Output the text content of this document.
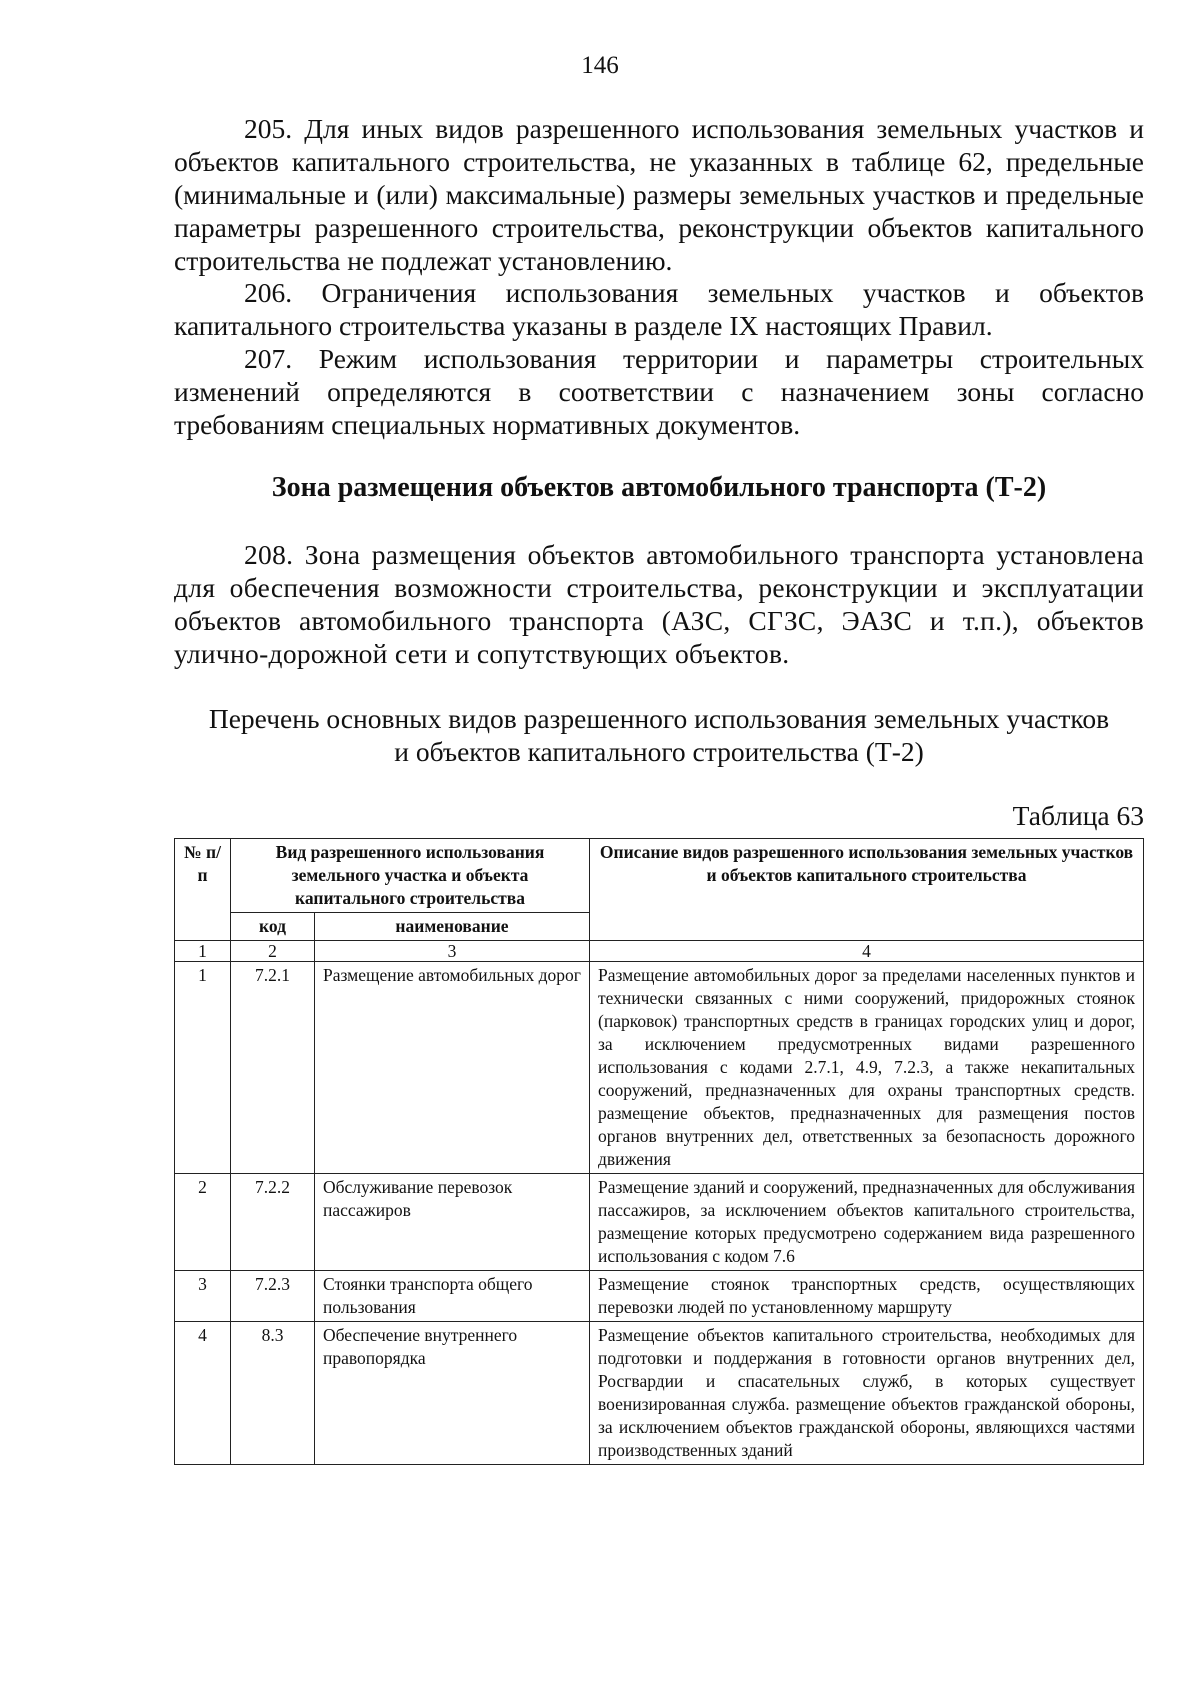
146
205. Для иных видов разрешенного использования земельных участков и объектов капитального строительства, не указанных в таблице 62, предельные (минимальные и (или) максимальные) размеры земельных участков и предельные параметры разрешенного строительства, реконструкции объектов капитального строительства не подлежат установлению.
206. Ограничения использования земельных участков и объектов капитального строительства указаны в разделе IX настоящих Правил.
207. Режим использования территории и параметры строительных изменений определяются в соответствии с назначением зоны согласно требованиям специальных нормативных документов.
Зона размещения объектов автомобильного транспорта (Т-2)
208. Зона размещения объектов автомобильного транспорта установлена для обеспечения возможности строительства, реконструкции и эксплуатации объектов автомобильного транспорта (АЗС, СГЗС, ЭАЗС и т.п.), объектов улично-дорожной сети и сопутствующих объектов.
Перечень основных видов разрешенного использования земельных участков
и объектов капитального строительства (Т-2)
Таблица 63
№ п/п	Вид разрешенного использования земельного участка и объекта капитального строительства		Описание видов разрешенного использования земельных участков и объектов капитального строительства
	код	наименование	
1	2	3	4
1	7.2.1	Размещение автомобильных дорог	Размещение автомобильных дорог за пределами населенных пунктов и технически связанных с ними сооружений, придорожных стоянок (парковок) транспортных средств в границах городских улиц и дорог, за исключением предусмотренных видами разрешенного использования с кодами 2.7.1, 4.9, 7.2.3, а также некапитальных сооружений, предназначенных для охраны транспортных средств. размещение объектов, предназначенных для размещения постов органов внутренних дел, ответственных за безопасность дорожного движения
2	7.2.2	Обслуживание перевозок пассажиров	Размещение зданий и сооружений, предназначенных для обслуживания пассажиров, за исключением объектов капитального строительства, размещение которых предусмотрено содержанием вида разрешенного использования с кодом 7.6
3	7.2.3	Стоянки транспорта общего пользования	Размещение стоянок транспортных средств, осуществляющих перевозки людей по установленному маршруту
4	8.3	Обеспечение внутреннего правопорядка	Размещение объектов капитального строительства, необходимых для подготовки и поддержания в готовности органов внутренних дел, Росгвардии и спасательных служб, в которых существует военизированная служба. размещение объектов гражданской обороны, за исключением объектов гражданской обороны, являющихся частями производственных зданий
